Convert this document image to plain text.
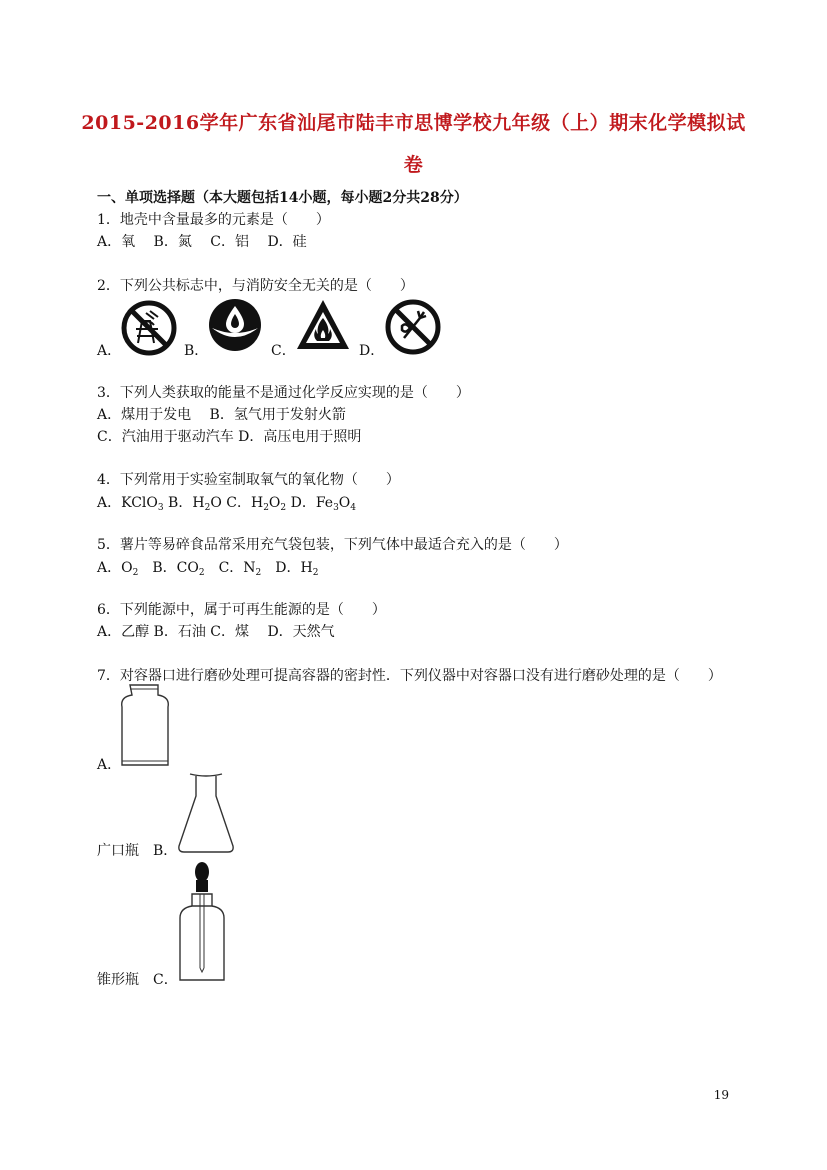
2015-2016学年广东省汕尾市陆丰市思博学校九年级（上）期末化学模拟试
卷
一、单项选择题（本大题包括14小题，每小题2分共28分）
1．地壳中含量最多的元素是（　　）
A．氧　 B．氮　 C．铝　 D．硅
2．下列公共标志中，与消防安全无关的是（　　）
A．	B．	C．	D．
3．下列人类获取的能量不是通过化学反应实现的是（　　）
A．煤用于发电　 B．氢气用于发射火箭
C．汽油用于驱动汽车 D．高压电用于照明
4．下列常用于实验室制取氧气的氧化物（　　）
A．KClO$_3$ B．$H_2O$ C．$H_2O_2$ D．$Fe_3O_4$
5．薯片等易碎食品常采用充气袋包装，下列气体中最适合充入的是（　　）
A．$O_2$　B．$CO_2$　C．$N_2$　D．$H_2$
6．下列能源中，属于可再生能源的是（　　）
A．乙醇 B．石油 C．煤　 D．天然气
7．对容器口进行磨砂处理可提高容器的密封性．下列仪器中对容器口没有进行磨砂处理的是（　　）
A．
广口瓶　B．
锥形瓶　C．
19
